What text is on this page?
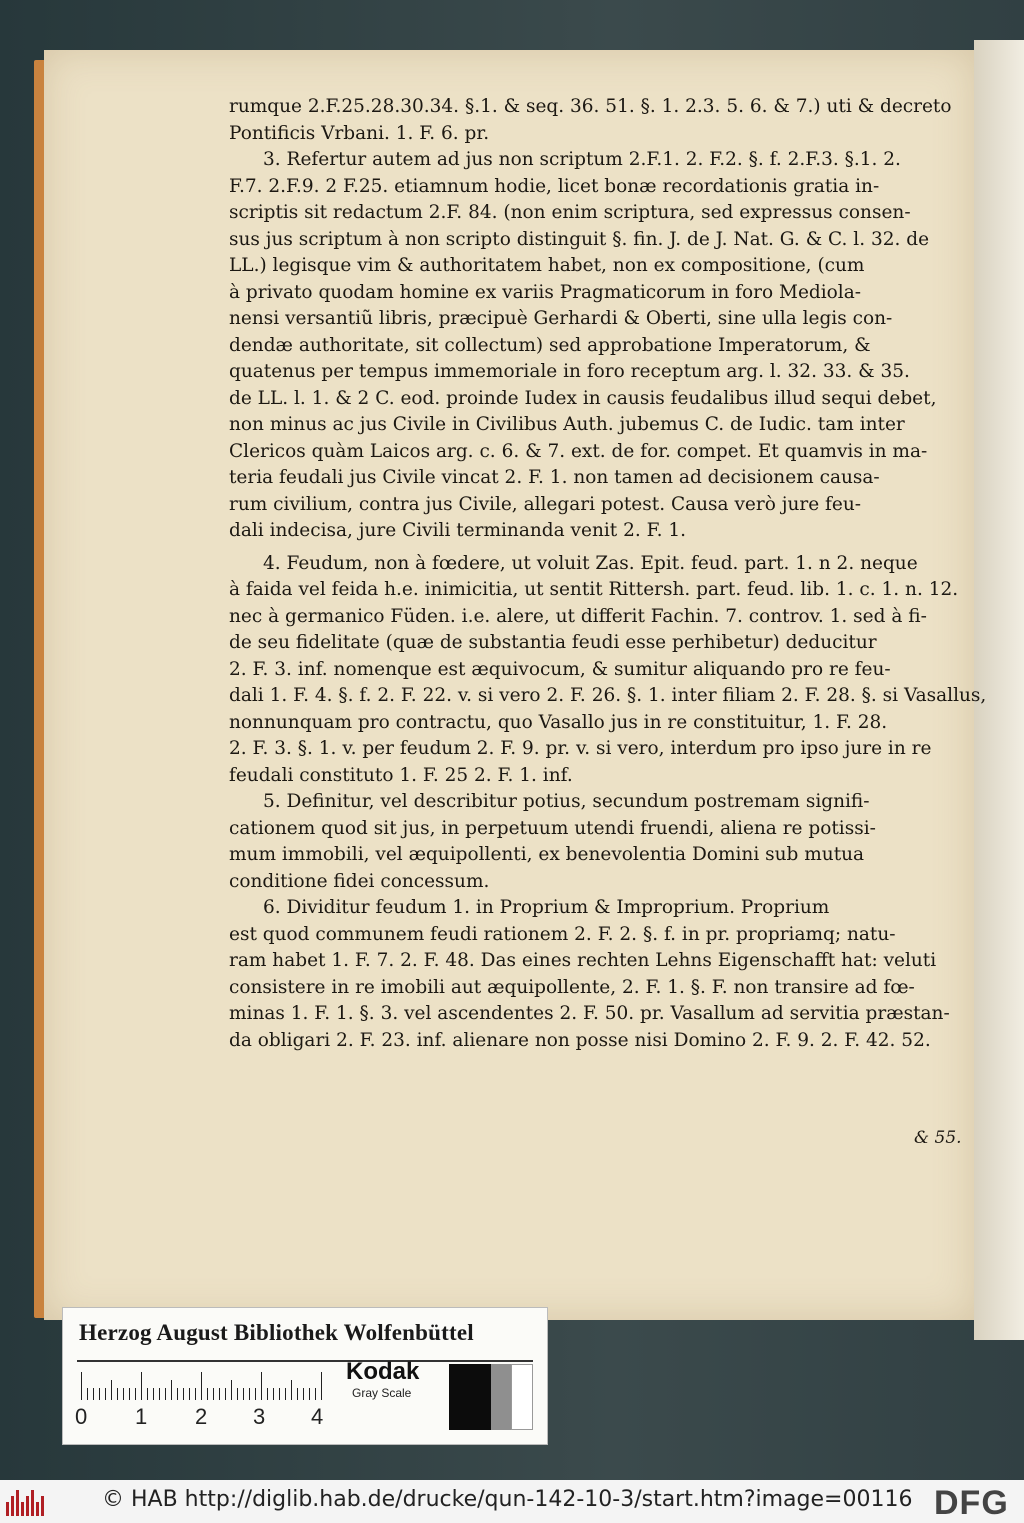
rumque 2.F.25.28.30.34. §.1. & seq. 36. 51. §. 1. 2.3. 5. 6. & 7.) uti & decreto

Pontificis Vrbani. 1. F. 6. pr.

3. Refertur autem ad jus non scriptum 2.F.1. 2. F.2. §. f. 2.F.3. §.1. 2.

F.7. 2.F.9. 2 F.25. etiamnum hodie, licet bonæ recordationis gratia in-

scriptis sit redactum 2.F. 84. (non enim scriptura, sed expressus consen-

sus jus scriptum à non scripto distinguit §. fin. J. de J. Nat. G. & C. l. 32. de

LL.) legisque vim & authoritatem habet, non ex compositione, (cum

à privato quodam homine ex variis Pragmaticorum in foro Mediola-

nensi versantiũ libris, præcipuè Gerhardi & Oberti, sine ulla legis con-

dendæ authoritate, sit collectum) sed approbatione Imperatorum, &

quatenus per tempus immemoriale in foro receptum arg. l. 32. 33. & 35.

de LL. l. 1. & 2 C. eod. proinde Iudex in causis feudalibus illud sequi debet,

non minus ac jus Civile in Civilibus Auth. jubemus C. de Iudic. tam inter

Clericos quàm Laicos arg. c. 6. & 7. ext. de for. compet. Et quamvis in ma-

teria feudali jus Civile vincat 2. F. 1. non tamen ad decisionem causa-

rum civilium, contra jus Civile, allegari potest. Causa verò jure feu-

dali indecisa, jure Civili terminanda venit 2. F. 1.

4. Feudum, non à fœdere, ut voluit Zas. Epit. feud. part. 1. n 2. neque

à faida vel feida h.e. inimicitia, ut sentit Rittersh. part. feud. lib. 1. c. 1. n. 12.

nec à germanico Füden. i.e. alere, ut differit Fachin. 7. controv. 1. sed à fi-

de seu fidelitate (quæ de substantia feudi esse perhibetur) deducitur

2. F. 3. inf. nomenque est æquivocum, & sumitur aliquando pro re feu-

dali 1. F. 4. §. f. 2. F. 22. v. si vero 2. F. 26. §. 1. inter filiam 2. F. 28. §. si Vasallus,

nonnunquam pro contractu, quo Vasallo jus in re constituitur, 1. F. 28.

2. F. 3. §. 1. v. per feudum 2. F. 9. pr. v. si vero, interdum pro ipso jure in re

feudali constituto 1. F. 25 2. F. 1. inf.

5. Definitur, vel describitur potius, secundum postremam signifi-

cationem quod sit jus, in perpetuum utendi fruendi, aliena re potissi-

mum immobili, vel æquipollenti, ex benevolentia Domini sub mutua

conditione fidei concessum.

6. Dividitur feudum 1. in Proprium & Improprium. Proprium

est quod communem feudi rationem 2. F. 2. §. f. in pr. propriamq; natu-

ram habet 1. F. 7. 2. F. 48. Das eines rechten Lehns Eigenschafft hat: veluti

consistere in re imobili aut æquipollente, 2. F. 1. §. F. non transire ad fœ-

minas 1. F. 1. §. 3. vel ascendentes 2. F. 50. pr. Vasallum ad servitia præstan-

da obligari 2. F. 23. inf. alienare non posse nisi Domino 2. F. 9. 2. F. 42. 52.

& 55.
Herzog August Bibliothek Wolfenbüttel
0 1 2 3 4
Kodak
Gray Scale
© HAB http://diglib.hab.de/drucke/qun-142-10-3/start.htm?image=00116 DFG
